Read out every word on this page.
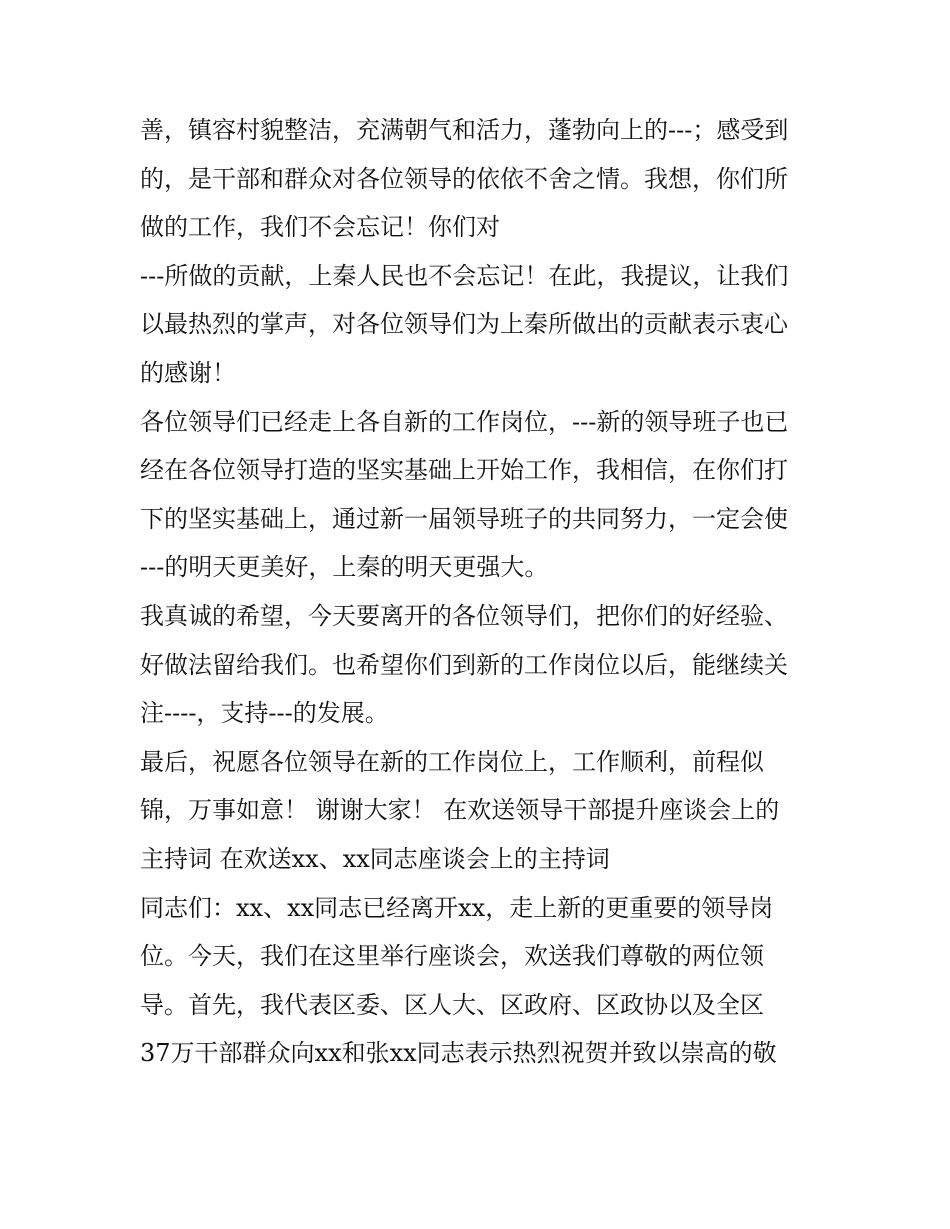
善，镇容村貌整洁，充满朝气和活力，蓬勃向上的---；感受到
的，是干部和群众对各位领导的依依不舍之情。我想，你们所
做的工作，我们不会忘记！你们对
---所做的贡献，上秦人民也不会忘记！在此，我提议，让我们
以最热烈的掌声，对各位领导们为上秦所做出的贡献表示衷心
的感谢！
各位领导们已经走上各自新的工作岗位，---新的领导班子也已
经在各位领导打造的坚实基础上开始工作，我相信，在你们打
下的坚实基础上，通过新一届领导班子的共同努力，一定会使
---的明天更美好，上秦的明天更强大。
我真诚的希望，今天要离开的各位领导们，把你们的好经验、
好做法留给我们。也希望你们到新的工作岗位以后，能继续关
注----，支持---的发展。
最后，祝愿各位领导在新的工作岗位上，工作顺利，前程似
锦，万事如意！ 谢谢大家！ 在欢送领导干部提升座谈会上的
主持词 在欢送xx、xx同志座谈会上的主持词
同志们：xx、xx同志已经离开xx，走上新的更重要的领导岗
位。今天，我们在这里举行座谈会，欢送我们尊敬的两位领
导。首先，我代表区委、区人大、区政府、区政协以及全区
37万干部群众向xx和张xx同志表示热烈祝贺并致以崇高的敬
